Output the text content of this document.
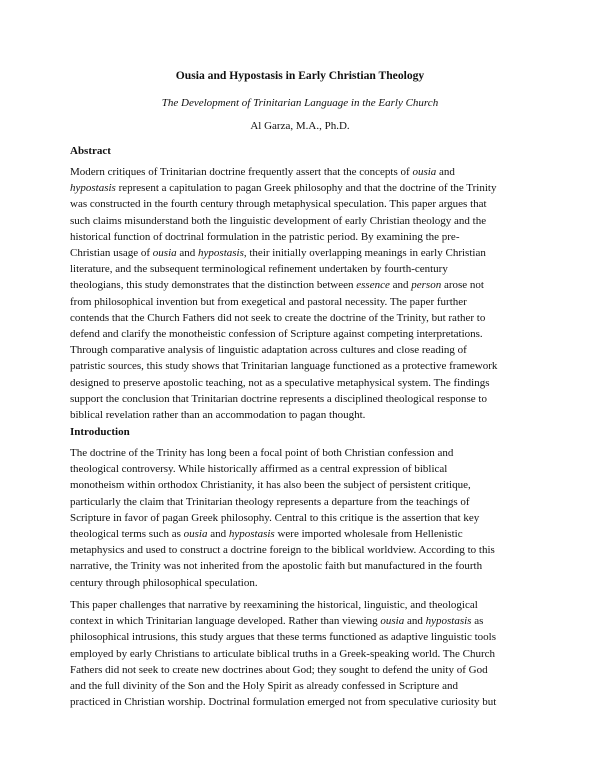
Ousia and Hypostasis in Early Christian Theology
The Development of Trinitarian Language in the Early Church
Al Garza, M.A., Ph.D.
Abstract
Modern critiques of Trinitarian doctrine frequently assert that the concepts of ousia and
hypostasis represent a capitulation to pagan Greek philosophy and that the doctrine of the Trinity
was constructed in the fourth century through metaphysical speculation. This paper argues that
such claims misunderstand both the linguistic development of early Christian theology and the
historical function of doctrinal formulation in the patristic period. By examining the pre-
Christian usage of ousia and hypostasis, their initially overlapping meanings in early Christian
literature, and the subsequent terminological refinement undertaken by fourth-century
theologians, this study demonstrates that the distinction between essence and person arose not
from philosophical invention but from exegetical and pastoral necessity. The paper further
contends that the Church Fathers did not seek to create the doctrine of the Trinity, but rather to
defend and clarify the monotheistic confession of Scripture against competing interpretations.
Through comparative analysis of linguistic adaptation across cultures and close reading of
patristic sources, this study shows that Trinitarian language functioned as a protective framework
designed to preserve apostolic teaching, not as a speculative metaphysical system. The findings
support the conclusion that Trinitarian doctrine represents a disciplined theological response to
biblical revelation rather than an accommodation to pagan thought.
Introduction
The doctrine of the Trinity has long been a focal point of both Christian confession and
theological controversy. While historically affirmed as a central expression of biblical
monotheism within orthodox Christianity, it has also been the subject of persistent critique,
particularly the claim that Trinitarian theology represents a departure from the teachings of
Scripture in favor of pagan Greek philosophy. Central to this critique is the assertion that key
theological terms such as ousia and hypostasis were imported wholesale from Hellenistic
metaphysics and used to construct a doctrine foreign to the biblical worldview. According to this
narrative, the Trinity was not inherited from the apostolic faith but manufactured in the fourth
century through philosophical speculation.
This paper challenges that narrative by reexamining the historical, linguistic, and theological
context in which Trinitarian language developed. Rather than viewing ousia and hypostasis as
philosophical intrusions, this study argues that these terms functioned as adaptive linguistic tools
employed by early Christians to articulate biblical truths in a Greek-speaking world. The Church
Fathers did not seek to create new doctrines about God; they sought to defend the unity of God
and the full divinity of the Son and the Holy Spirit as already confessed in Scripture and
practiced in Christian worship. Doctrinal formulation emerged not from speculative curiosity but
